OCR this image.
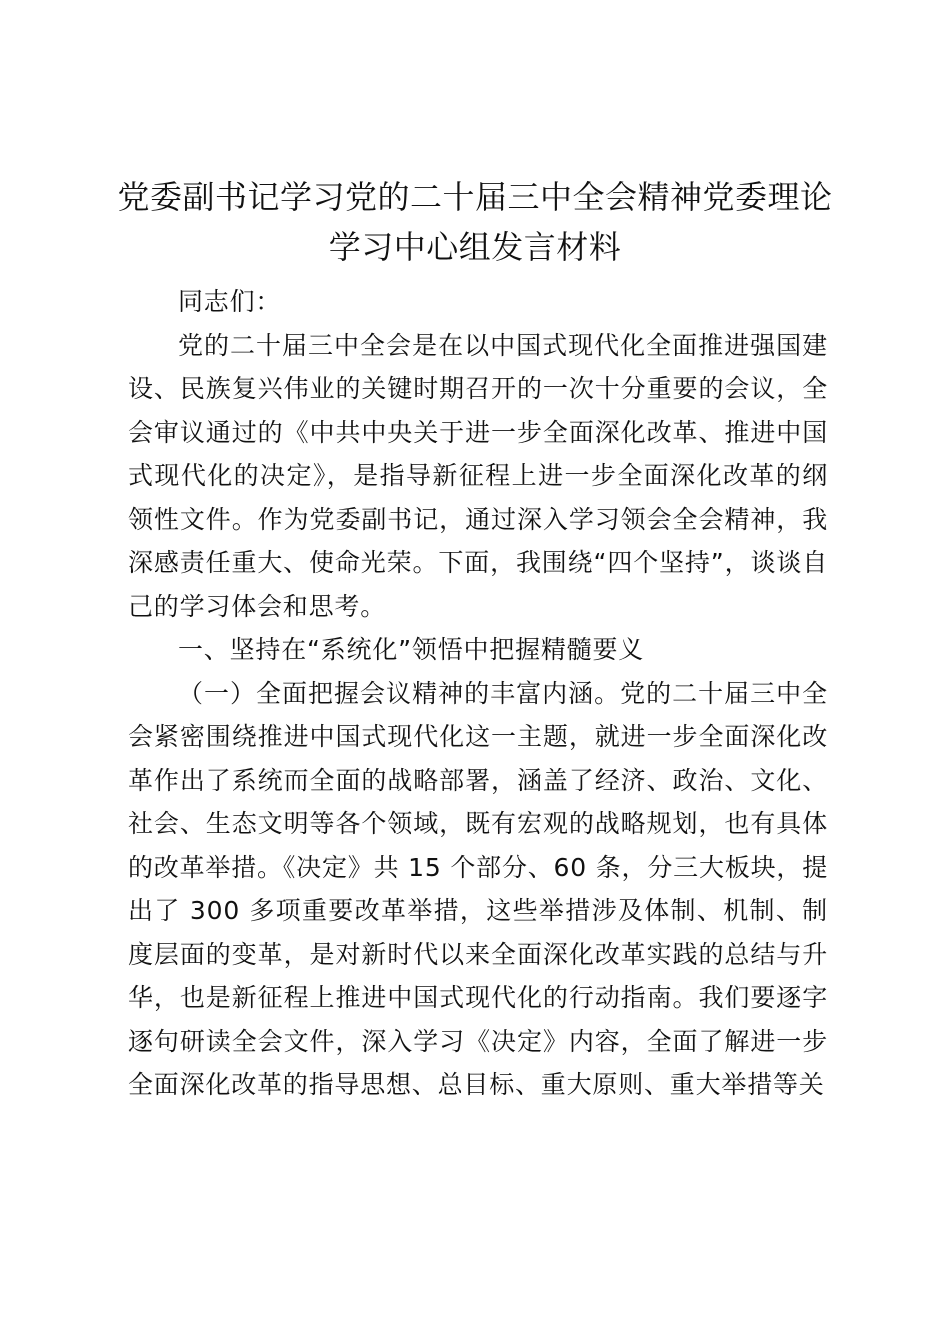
党委副书记学习党的二十届三中全会精神党委理论学习中心组发言材料

同志们：

党的二十届三中全会是在以中国式现代化全面推进强国建设、民族复兴伟业的关键时期召开的一次十分重要的会议，全会审议通过的《中共中央关于进一步全面深化改革、推进中国式现代化的决定》，是指导新征程上进一步全面深化改革的纲领性文件。作为党委副书记，通过深入学习领会全会精神，我深感责任重大、使命光荣。下面，我围绕“四个坚持”，谈谈自己的学习体会和思考。

一、坚持在“系统化”领悟中把握精髓要义

（一）全面把握会议精神的丰富内涵。党的二十届三中全会紧密围绕推进中国式现代化这一主题，就进一步全面深化改革作出了系统而全面的战略部署，涵盖了经济、政治、文化、社会、生态文明等各个领域，既有宏观的战略规划，也有具体的改革举措。《决定》共 15 个部分、60 条，分三大板块，提出了 300 多项重要改革举措，这些举措涉及体制、机制、制度层面的变革，是对新时代以来全面深化改革实践的总结与升华，也是新征程上推进中国式现代化的行动指南。我们要逐字逐句研读全会文件，深入学习《决定》内容，全面了解进一步全面深化改革的指导思想、总目标、重大原则、重大举措等关
